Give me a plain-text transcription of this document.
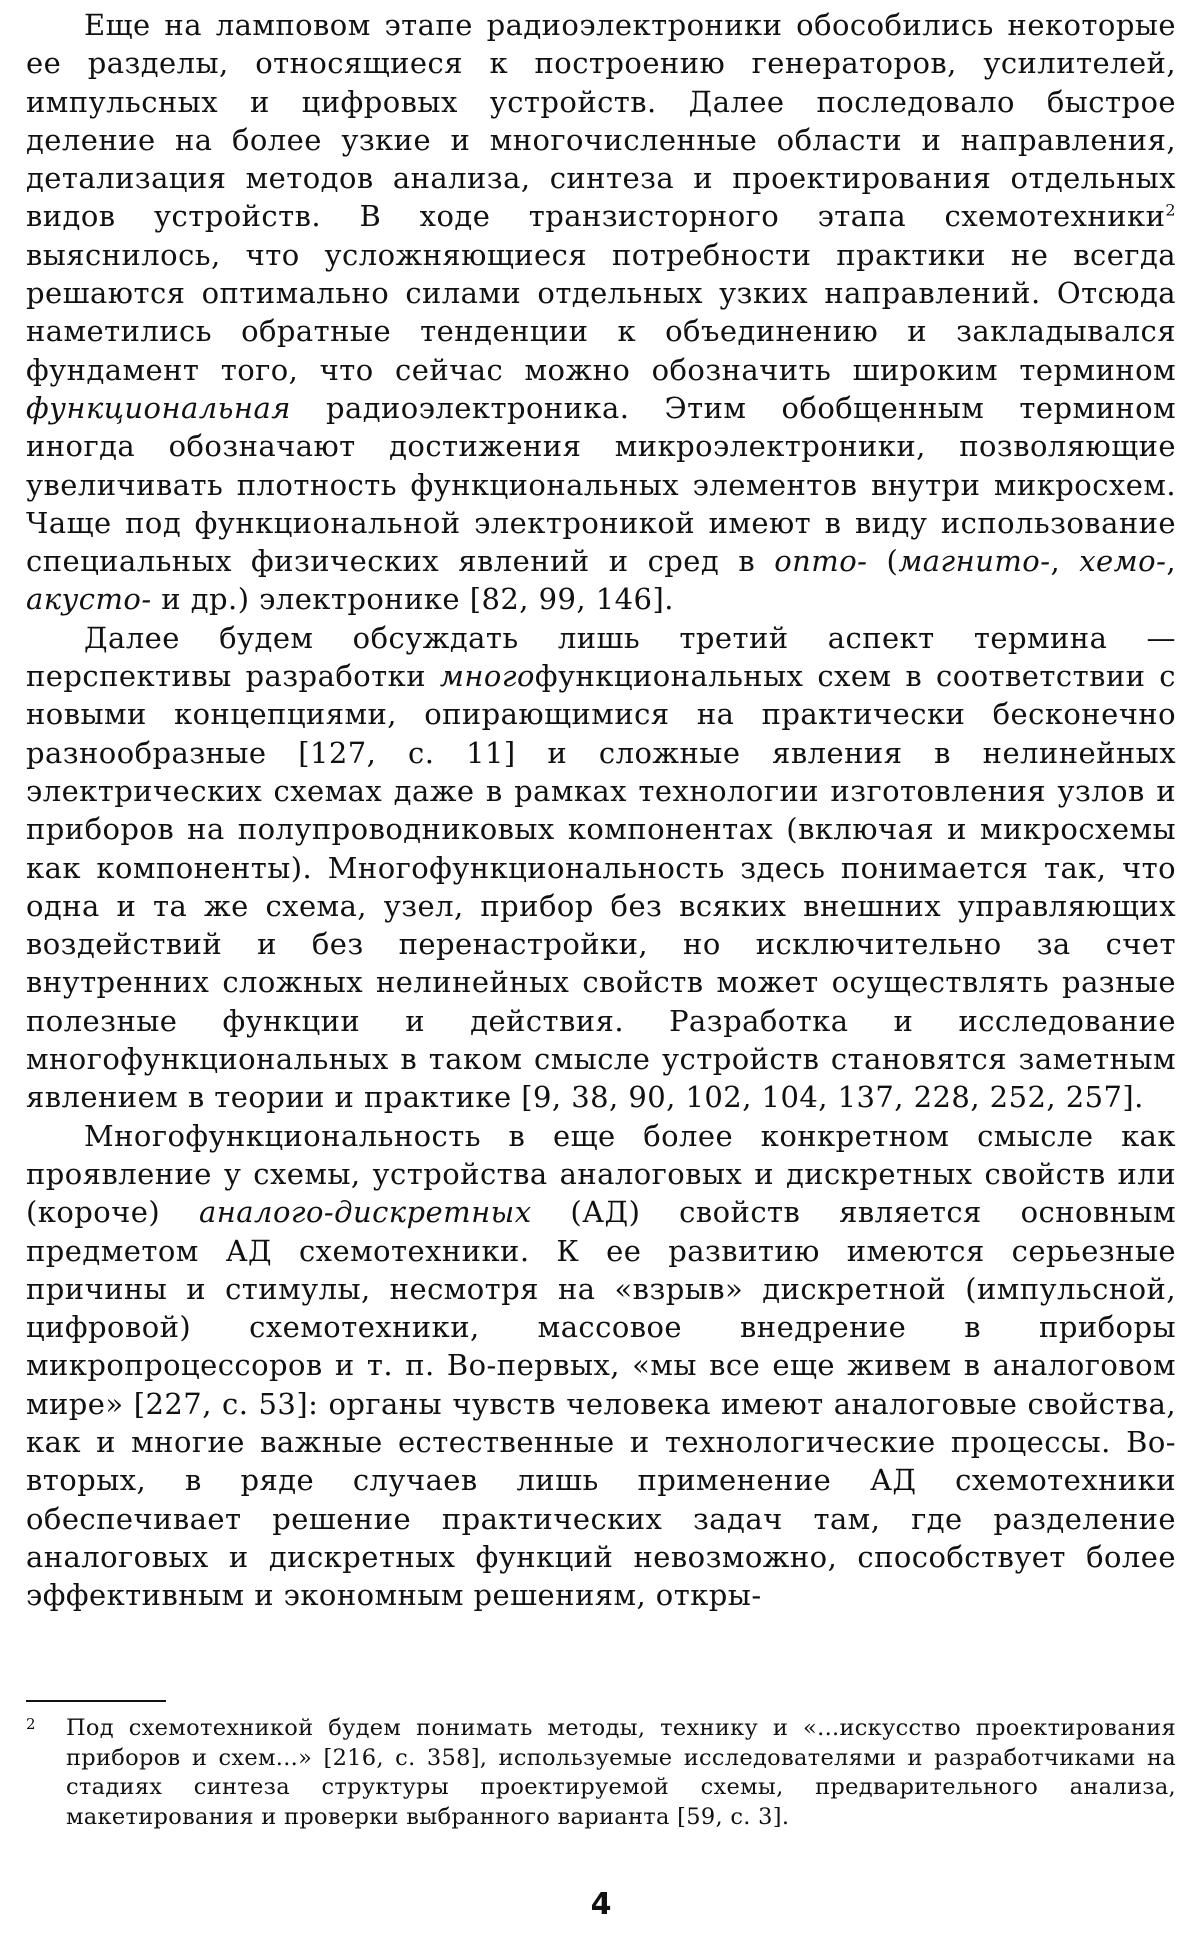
Еще на ламповом этапе радиоэлектроники обособились некоторые ее разделы, относящиеся к построению генераторов, усилителей, импульсных и цифровых устройств. Далее последовало быстрое деление на более узкие и многочисленные области и направления, детализация методов анализа, синтеза и проектирования отдельных видов устройств. В ходе транзисторного этапа схемотехники$^2$ выяснилось, что усложняющиеся потребности практики не всегда решаются оптимально силами отдельных узких направлений. Отсюда наметились обратные тенденции к объединению и закладывался фундамент того, что сейчас можно обозначить широким термином функциональная радиоэлектроника. Этим обобщенным термином иногда обозначают достижения микроэлектроники, позволяющие увеличивать плотность функциональных элементов внутри микросхем. Чаще под функциональной электроникой имеют в виду использование специальных физических явлений и сред в опто- (магнито-, хемо-, акусто- и др.) электронике [82, 99, 146].

Далее будем обсуждать лишь третий аспект термина — перспективы разработки многофункциональных схем в соответствии с новыми концепциями, опирающимися на практически бесконечно разнообразные [127, с. 11] и сложные явления в нелинейных электрических схемах даже в рамках технологии изготовления узлов и приборов на полупроводниковых компонентах (включая и микросхемы как компоненты). Многофункциональность здесь понимается так, что одна и та же схема, узел, прибор без всяких внешних управляющих воздействий и без перенастройки, но исключительно за счет внутренних сложных нелинейных свойств может осуществлять разные полезные функции и действия. Разработка и исследование многофункциональных в таком смысле устройств становятся заметным явлением в теории и практике [9, 38, 90, 102, 104, 137, 228, 252, 257].

Многофункциональность в еще более конкретном смысле как проявление у схемы, устройства аналоговых и дискретных свойств или (короче) аналого-дискретных (АД) свойств является основным предметом АД схемотехники. К ее развитию имеются серьезные причины и стимулы, несмотря на «взрыв» дискретной (импульсной, цифровой) схемотехники, массовое внедрение в приборы микропроцессоров и т. п. Во-первых, «мы все еще живем в аналоговом мире» [227, с. 53]: органы чувств человека имеют аналоговые свойства, как и многие важные естественные и технологические процессы. Во-вторых, в ряде случаев лишь применение АД схемотехники обеспечивает решение практических задач там, где разделение аналоговых и дискретных функций невозможно, способствует более эффективным и экономным решениям, откры-

2 Под схемотехникой будем понимать методы, технику и «...искусство проектирования приборов и схем...» [216, с. 358], используемые исследователями и разработчиками на стадиях синтеза структуры проектируемой схемы, предварительного анализа, макетирования и проверки выбранного варианта [59, с. 3].

4
